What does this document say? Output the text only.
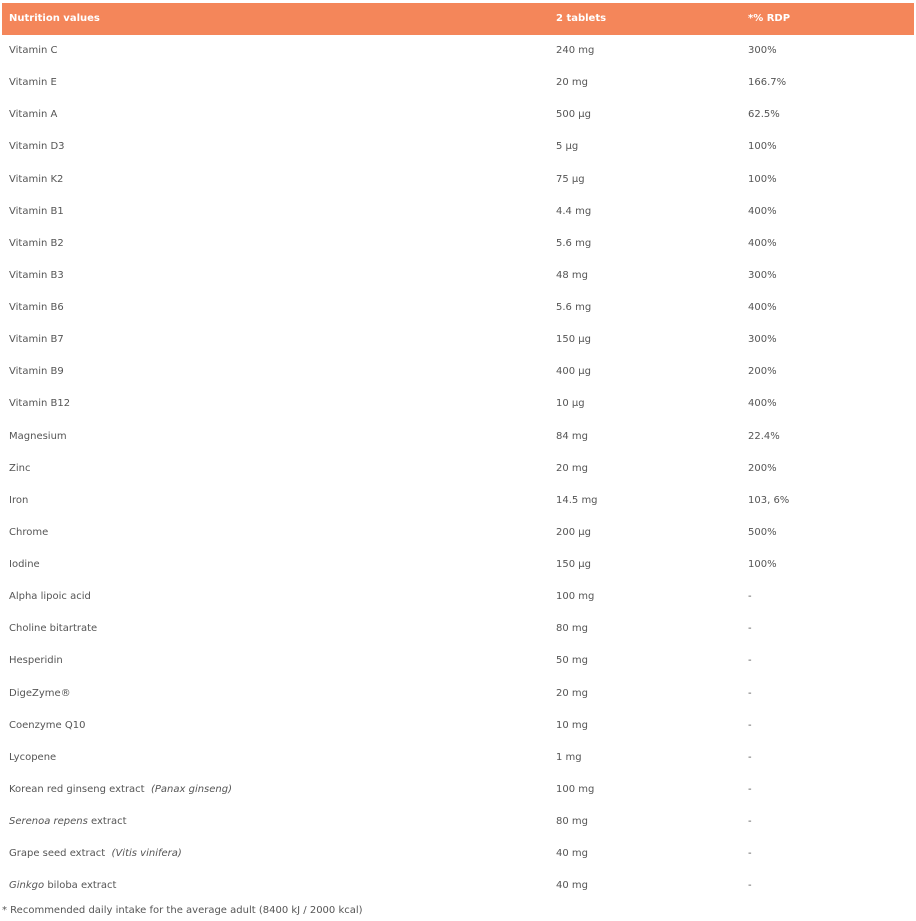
Nutrition values	2 tablets	*% RDP
Vitamin C	240 mg	300%
Vitamin E	20 mg	166.7%
Vitamin A	500 µg	62.5%
Vitamin D3	5 µg	100%
Vitamin K2	75 µg	100%
Vitamin B1	4.4 mg	400%
Vitamin B2	5.6 mg	400%
Vitamin B3	48 mg	300%
Vitamin B6	5.6 mg	400%
Vitamin B7	150 µg	300%
Vitamin B9	400 µg	200%
Vitamin B12	10 µg	400%
Magnesium	84 mg	22.4%
Zinc	20 mg	200%
Iron	14.5 mg	103, 6%
Chrome	200 µg	500%
Iodine	150 µg	100%
Alpha lipoic acid	100 mg	-
Choline bitartrate	80 mg	-
Hesperidin	50 mg	-
DigeZyme®	20 mg	-
Coenzyme Q10	10 mg	-
Lycopene	1 mg	-
Korean red ginseng extract (Panax ginseng)	100 mg	-
Serenoa repens extract	80 mg	-
Grape seed extract (Vitis vinifera)	40 mg	-
Ginkgo biloba extract	40 mg	-
* Recommended daily intake for the average adult (8400 kJ / 2000 kcal)
